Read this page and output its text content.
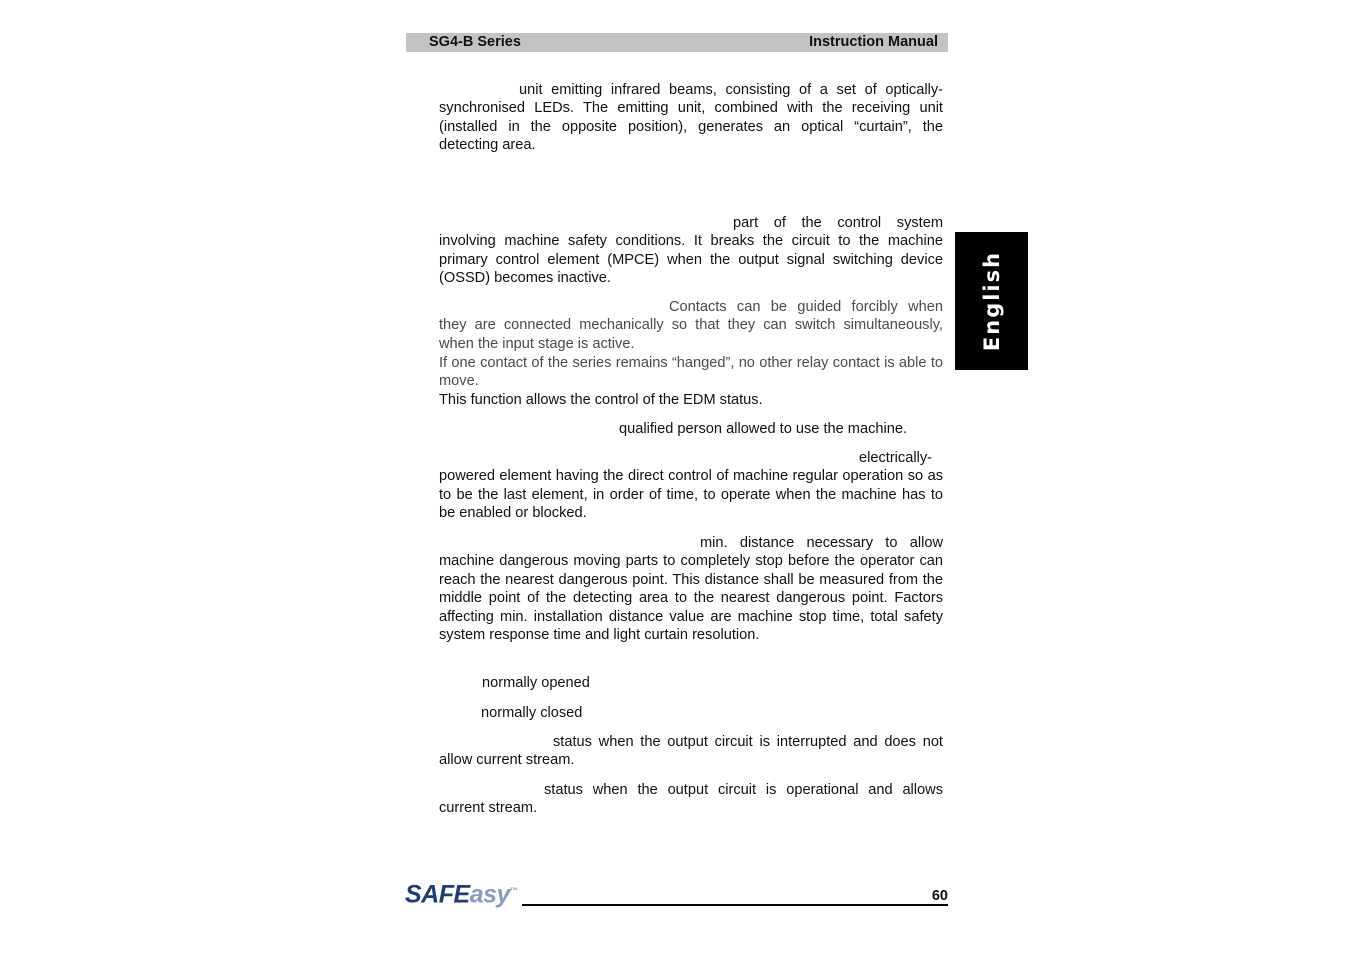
SG4-B Series	Instruction Manual
English
unit emitting infrared beams, consisting of a set of optically-synchronised LEDs. The emitting unit, combined with the receiving unit (installed in the opposite position), generates an optical “curtain”, the detecting area.
part of the control system involving machine safety conditions. It breaks the circuit to the machine primary control element (MPCE) when the output signal switching device (OSSD) becomes inactive.
Contacts can be guided forcibly when they are connected mechanically so that they can switch simultaneously, when the input stage is active.
If one contact of the series remains “hanged”, no other relay contact is able to move.
This function allows the control of the EDM status.
qualified person allowed to use the machine.
electrically-powered element having the direct control of machine regular operation so as to be the last element, in order of time, to operate when the machine has to be enabled or blocked.
min. distance necessary to allow machine dangerous moving parts to completely stop before the operator can reach the nearest dangerous point. This distance shall be measured from the middle point of the detecting area to the nearest dangerous point. Factors affecting min. installation distance value are machine stop time, total safety system response time and light curtain resolution.
normally opened
normally closed
status when the output circuit is interrupted and does not allow current stream.
status when the output circuit is operational and allows current stream.
SAFEasy™	60
